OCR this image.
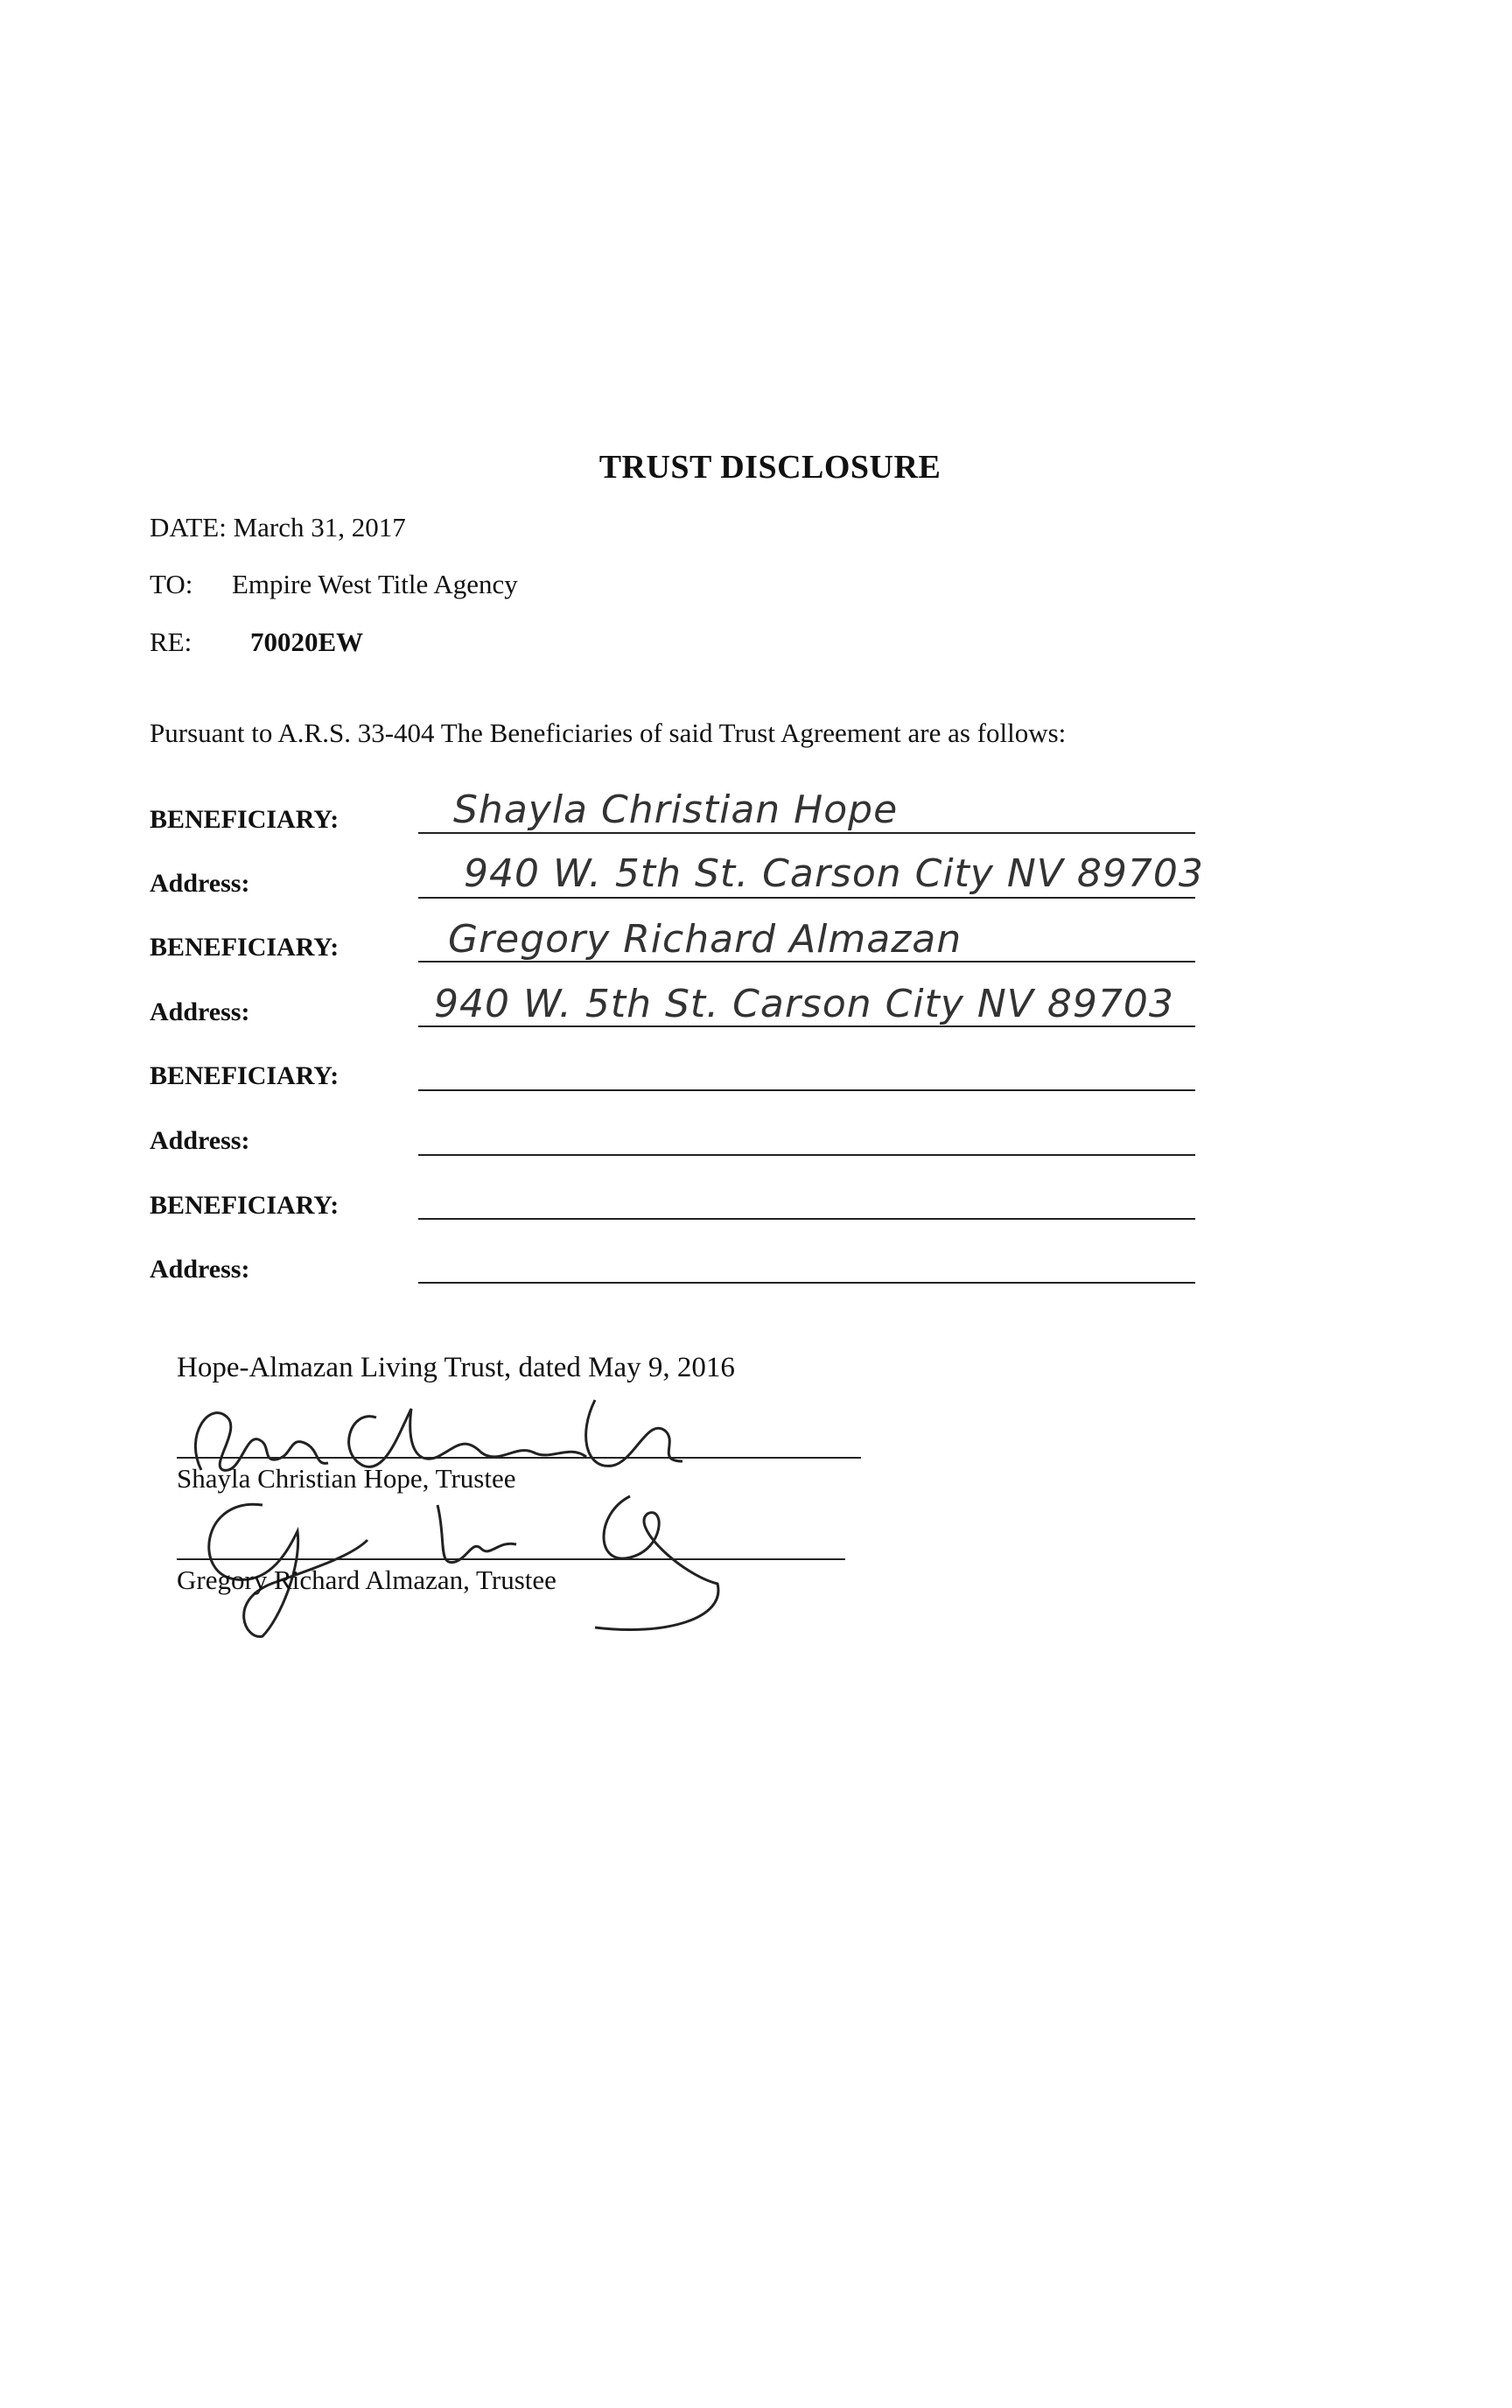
TRUST DISCLOSURE
DATE: March 31, 2017
TO: Empire West Title Agency
RE: 70020EW
Pursuant to A.R.S. 33-404 The Beneficiaries of said Trust Agreement are as follows:
BENEFICIARY:	Shayla Christian Hope
Address:	940 W. 5th St. Carson City NV 89703
BENEFICIARY:	Gregory Richard Almazan
Address:	940 W. 5th St. Carson City NV 89703
BENEFICIARY:
Address:
BENEFICIARY:
Address:
Hope-Almazan Living Trust, dated May 9, 2016
Shayla Christian Hope, Trustee
Gregory Richard Almazan, Trustee
